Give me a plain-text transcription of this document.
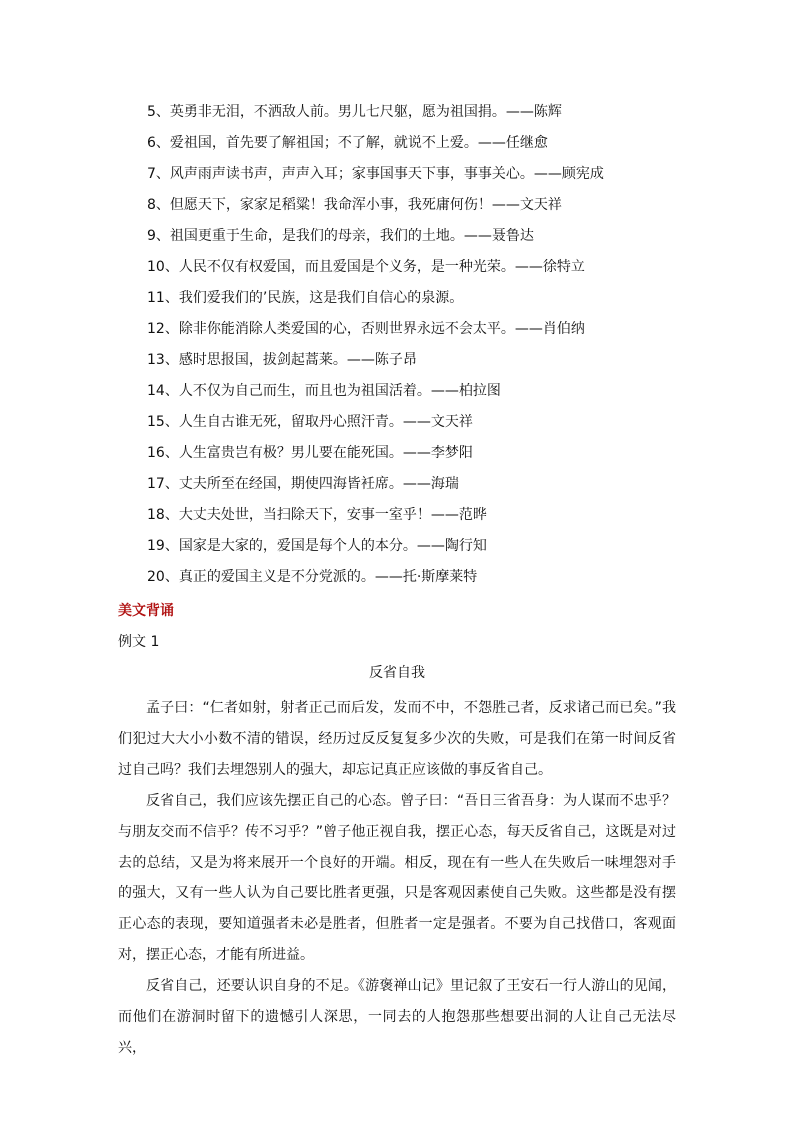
5、英勇非无泪，不洒敌人前。男儿七尺躯，愿为祖国捐。——陈辉
6、爱祖国，首先要了解祖国；不了解，就说不上爱。——任继愈
7、风声雨声读书声，声声入耳；家事国事天下事，事事关心。——顾宪成
8、但愿天下，家家足稻粱！我命浑小事，我死庸何伤！——文天祥
9、祖国更重于生命，是我们的母亲，我们的土地。——聂鲁达
10、人民不仅有权爱国，而且爱国是个义务，是一种光荣。——徐特立
11、我们爱我们的’民族，这是我们自信心的泉源。
12、除非你能消除人类爱国的心，否则世界永远不会太平。——肖伯纳
13、感时思报国，拔剑起蒿莱。——陈子昂
14、人不仅为自己而生，而且也为祖国活着。——柏拉图
15、人生自古谁无死，留取丹心照汗青。——文天祥
16、人生富贵岂有极？男儿要在能死国。——李梦阳
17、丈夫所至在经国，期使四海皆衽席。——海瑞
18、大丈夫处世，当扫除天下，安事一室乎！——范晔
19、国家是大家的，爱国是每个人的本分。——陶行知
20、真正的爱国主义是不分党派的。——托·斯摩莱特
美文背诵
例文 1
反省自我

孟子曰：“仁者如射，射者正己而后发，发而不中，不怨胜己者，反求诸己而已矣。”我们犯过大大小小数不清的错误，经历过反反复复多少次的失败，可是我们在第一时间反省过自己吗？我们去埋怨别人的强大，却忘记真正应该做的事反省自己。

反省自己，我们应该先摆正自己的心态。曾子曰：“吾日三省吾身：为人谋而不忠乎？与朋友交而不信乎？传不习乎？”曾子他正视自我，摆正心态，每天反省自己，这既是对过去的总结，又是为将来展开一个良好的开端。相反，现在有一些人在失败后一味埋怨对手的强大，又有一些人认为自己要比胜者更强，只是客观因素使自己失败。这些都是没有摆正心态的表现，要知道强者未必是胜者，但胜者一定是强者。不要为自己找借口，客观面对，摆正心态，才能有所进益。

反省自己，还要认识自身的不足。《游褒禅山记》里记叙了王安石一行人游山的见闻，而他们在游洞时留下的遗憾引人深思，一同去的人抱怨那些想要出洞的人让自己无法尽兴，
